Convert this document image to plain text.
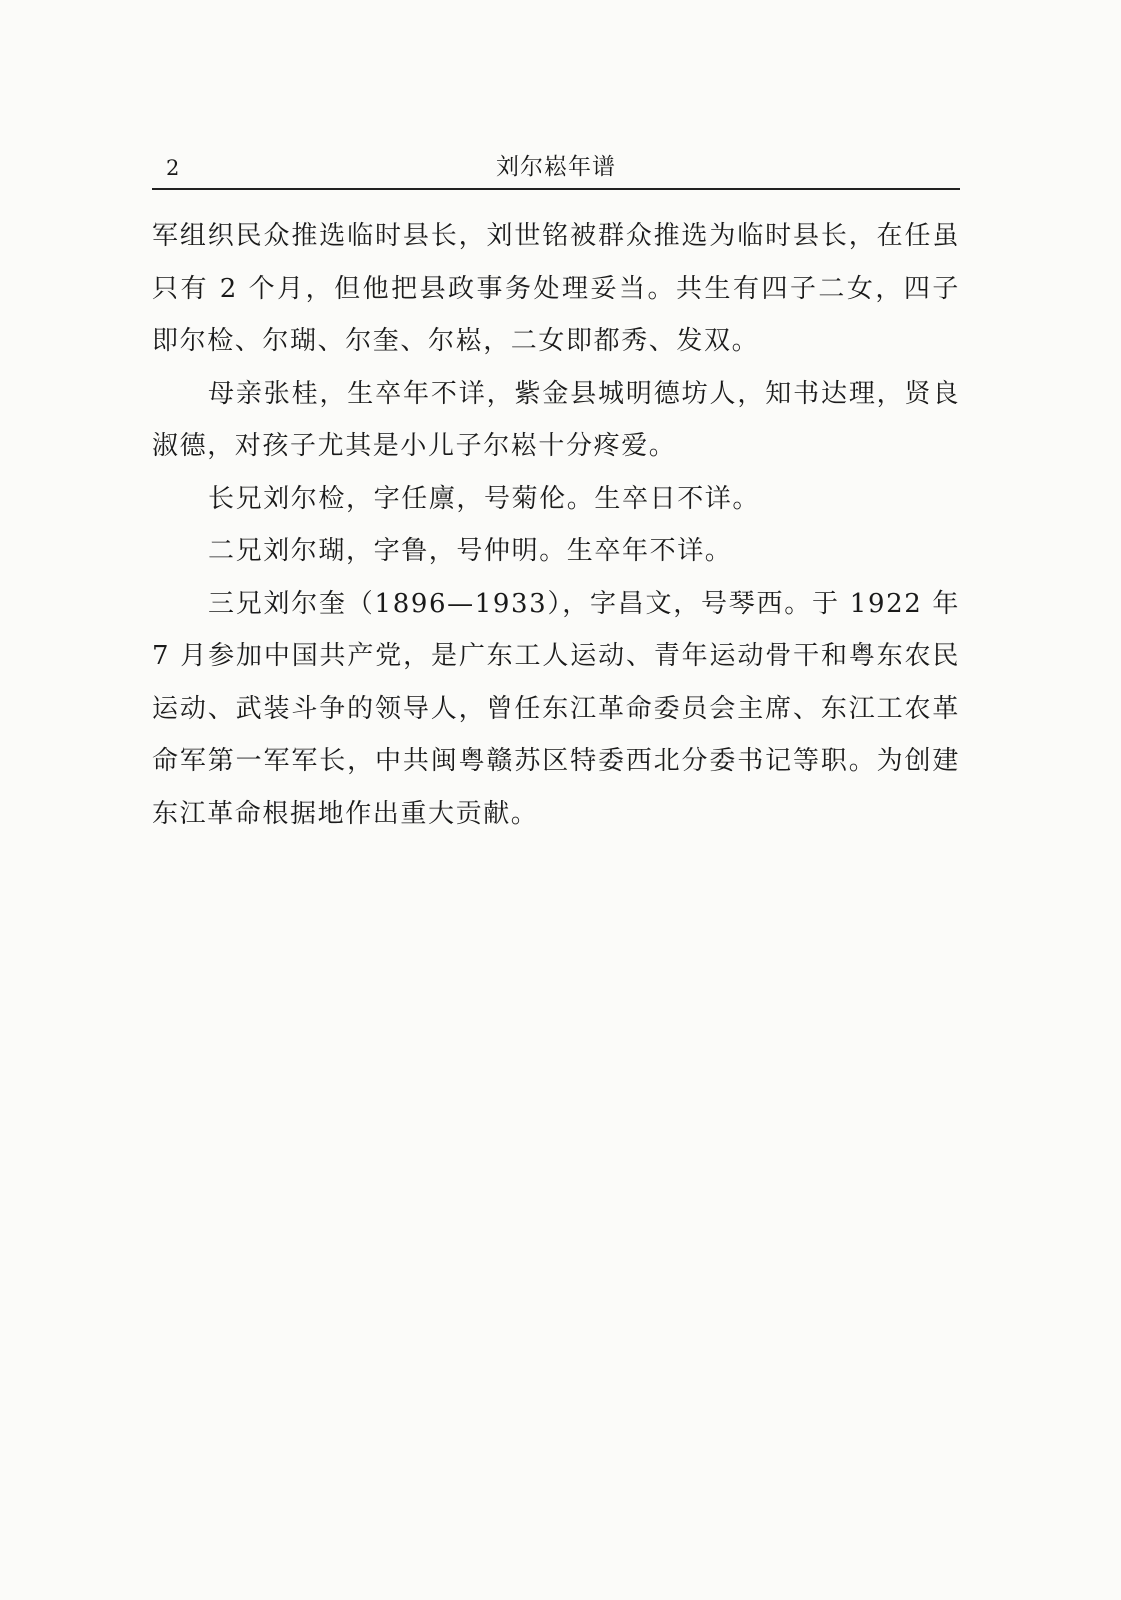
2	刘尔崧年谱

军组织民众推选临时县长，刘世铭被群众推选为临时县长，在任虽只有 2 个月，但他把县政事务处理妥当。共生有四子二女，四子即尔检、尔瑚、尔奎、尔崧，二女即都秀、发双。

母亲张桂，生卒年不详，紫金县城明德坊人，知书达理，贤良淑德，对孩子尤其是小儿子尔崧十分疼爱。

长兄刘尔检，字任廪，号菊伦。生卒日不详。

二兄刘尔瑚，字鲁，号仲明。生卒年不详。

三兄刘尔奎（1896—1933），字昌文，号琴西。于 1922 年 7 月参加中国共产党，是广东工人运动、青年运动骨干和粤东农民运动、武装斗争的领导人，曾任东江革命委员会主席、东江工农革命军第一军军长，中共闽粤赣苏区特委西北分委书记等职。为创建东江革命根据地作出重大贡献。
